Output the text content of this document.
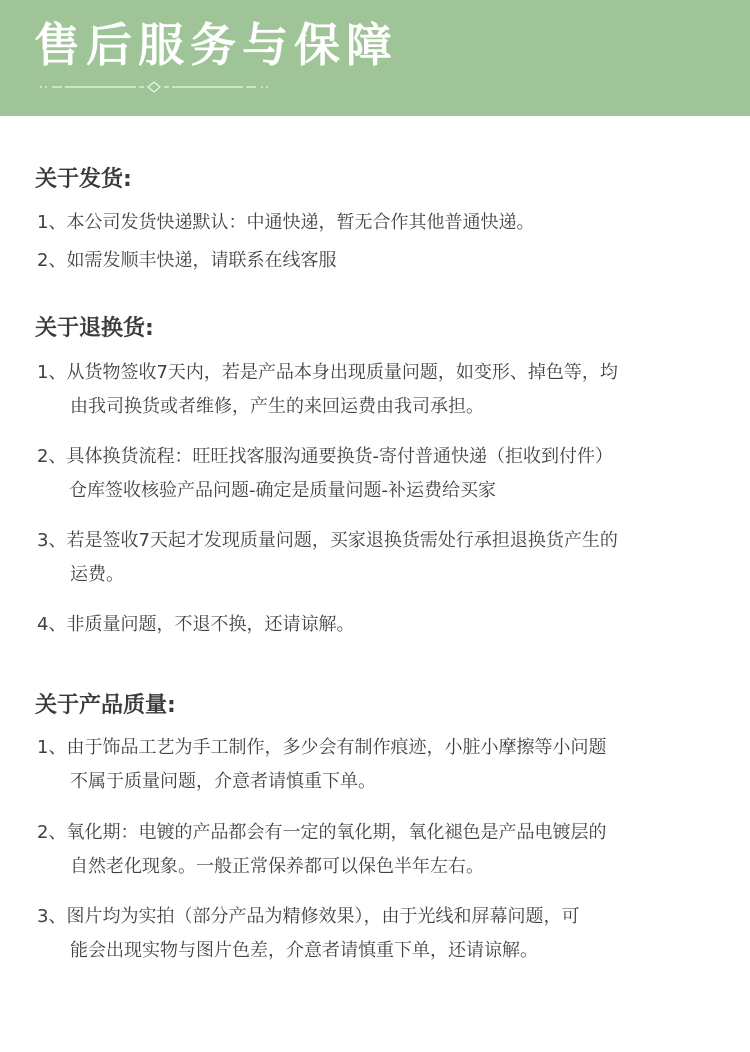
售后服务与保障
关于发货:
1、本公司发货快递默认：中通快递，暂无合作其他普通快递。
2、如需发顺丰快递，请联系在线客服
关于退换货:
1、从货物签收7天内，若是产品本身出现质量问题，如变形、掉色等，均
由我司换货或者维修，产生的来回运费由我司承担。
2、具体换货流程：旺旺找客服沟通要换货-寄付普通快递（拒收到付件）
仓库签收核验产品问题-确定是质量问题-补运费给买家
3、若是签收7天起才发现质量问题，买家退换货需处行承担退换货产生的
运费。
4、非质量问题，不退不换，还请谅解。
关于产品质量:
1、由于饰品工艺为手工制作，多少会有制作痕迹，小脏小摩擦等小问题
不属于质量问题，介意者请慎重下单。
2、氧化期：电镀的产品都会有一定的氧化期，氧化褪色是产品电镀层的
自然老化现象。一般正常保养都可以保色半年左右。
3、图片均为实拍（部分产品为精修效果），由于光线和屏幕问题，可
能会出现实物与图片色差，介意者请慎重下单，还请谅解。
